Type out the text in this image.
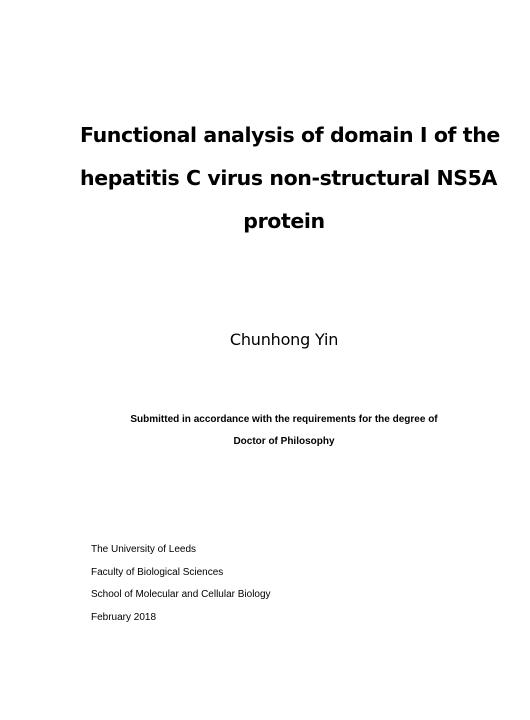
Functional analysis of domain I of the
hepatitis C virus non-structural NS5A
protein
Chunhong Yin
Submitted in accordance with the requirements for the degree of
Doctor of Philosophy
The University of Leeds
Faculty of Biological Sciences
School of Molecular and Cellular Biology
February 2018
